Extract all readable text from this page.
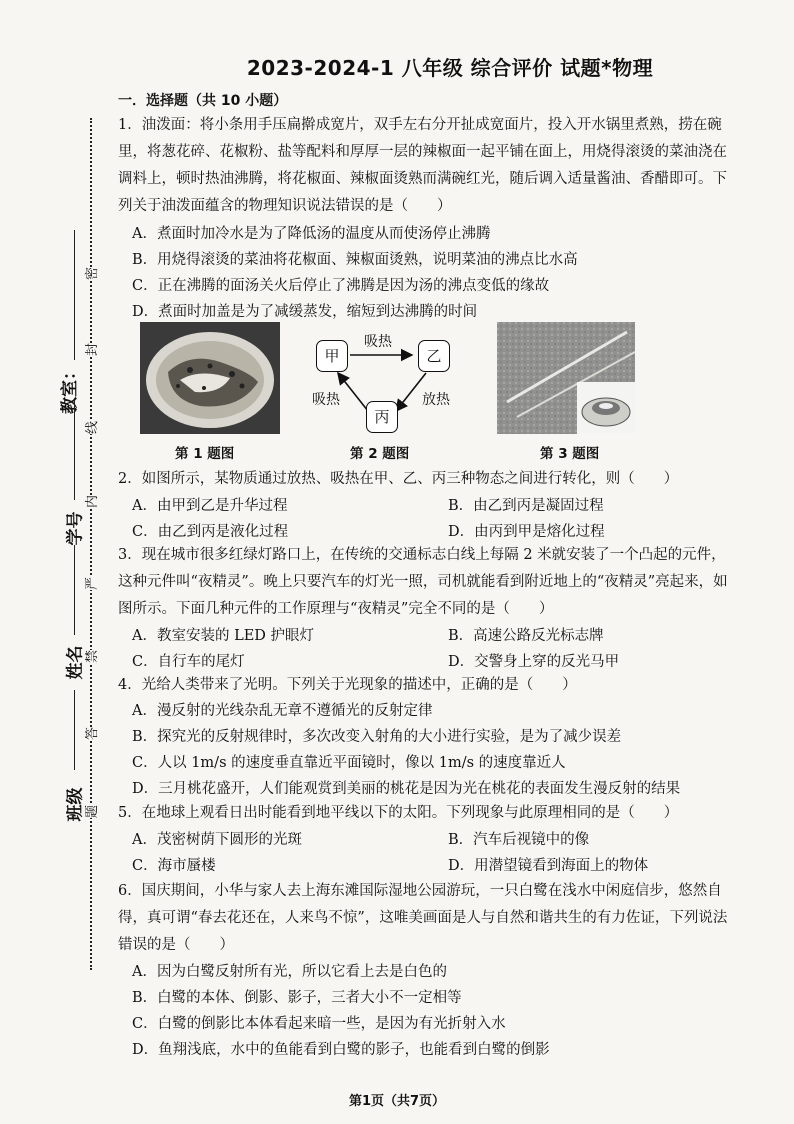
2023-2024-1 八年级 综合评价 试题*物理
一．选择题（共 10 小题）
密
封
线
内
严
禁
答
题
教室：
学号
姓名
班级
1．油泼面：将小条用手压扁擀成宽片，双手左右分开扯成宽面片，投入开水锅里煮熟，捞在碗里，将葱花碎、花椒粉、盐等配料和厚厚一层的辣椒面一起平铺在面上，用烧得滚烫的菜油浇在调料上，顿时热油沸腾，将花椒面、辣椒面烫熟而满碗红光，随后调入适量酱油、香醋即可。下列关于油泼面蕴含的物理知识说法错误的是（　　）
A．煮面时加冷水是为了降低汤的温度从而使汤停止沸腾
B．用烧得滚烫的菜油将花椒面、辣椒面烫熟，说明菜油的沸点比水高
C．正在沸腾的面汤关火后停止了沸腾是因为汤的沸点变低的缘故
D．煮面时加盖是为了减缓蒸发，缩短到达沸腾的时间
甲	乙
丙
吸热
放热
吸热
第 1 题图	第 2 题图	第 3 题图
2．如图所示，某物质通过放热、吸热在甲、乙、丙三种物态之间进行转化，则（　　）
A．由甲到乙是升华过程	B．由乙到丙是凝固过程
C．由乙到丙是液化过程	D．由丙到甲是熔化过程
3．现在城市很多红绿灯路口上，在传统的交通标志白线上每隔 2 米就安装了一个凸起的元件，这种元件叫“夜精灵”。晚上只要汽车的灯光一照，司机就能看到附近地上的“夜精灵”亮起来，如图所示。下面几种元件的工作原理与“夜精灵”完全不同的是（　　）
A．教室安装的 LED 护眼灯	B．高速公路反光标志牌
C．自行车的尾灯	D．交警身上穿的反光马甲
4．光给人类带来了光明。下列关于光现象的描述中，正确的是（　　）
A．漫反射的光线杂乱无章不遵循光的反射定律
B．探究光的反射规律时，多次改变入射角的大小进行实验，是为了减少误差
C．人以 1m/s 的速度垂直靠近平面镜时，像以 1m/s 的速度靠近人
D．三月桃花盛开，人们能观赏到美丽的桃花是因为光在桃花的表面发生漫反射的结果
5．在地球上观看日出时能看到地平线以下的太阳。下列现象与此原理相同的是（　　）
A．茂密树荫下圆形的光斑	B．汽车后视镜中的像
C．海市蜃楼	D．用潜望镜看到海面上的物体
6．国庆期间，小华与家人去上海东滩国际湿地公园游玩，一只白鹭在浅水中闲庭信步，悠然自得，真可谓“春去花还在，人来鸟不惊”，这唯美画面是人与自然和谐共生的有力佐证，下列说法错误的是（　　）
A．因为白鹭反射所有光，所以它看上去是白色的
B．白鹭的本体、倒影、影子，三者大小不一定相等
C．白鹭的倒影比本体看起来暗一些，是因为有光折射入水
D．鱼翔浅底，水中的鱼能看到白鹭的影子，也能看到白鹭的倒影
第1页（共7页）
